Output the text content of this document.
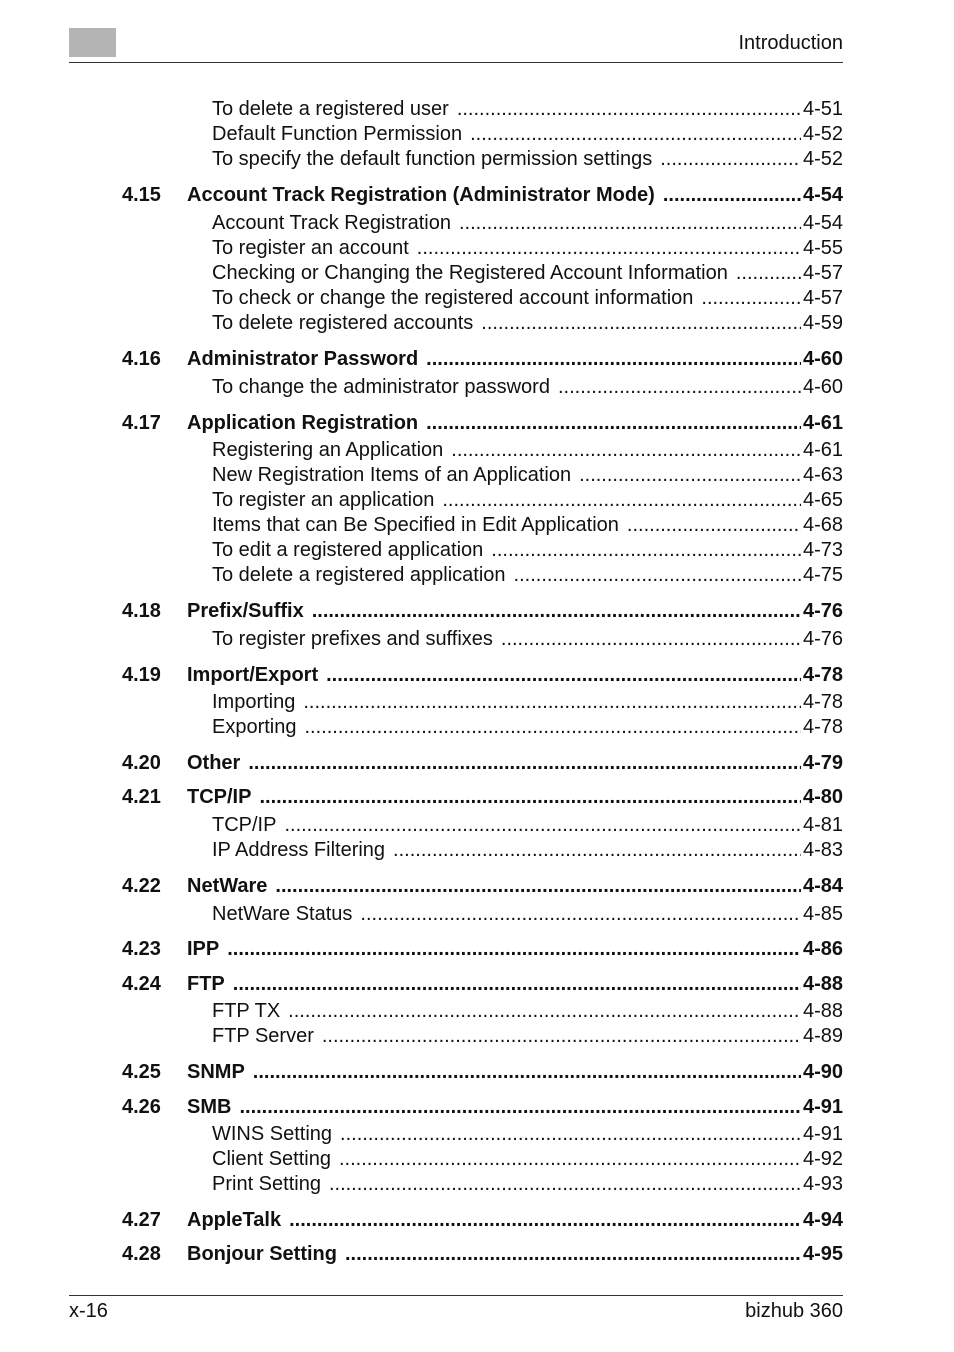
Introduction
To delete a registered user .....	4-51
Default Function Permission .....	4-52
To specify the default function permission settings .....	4-52
4.15 Account Track Registration (Administrator Mode) .....	4-54
Account Track Registration .....	4-54
To register an account .....	4-55
Checking or Changing the Registered Account Information .....	4-57
To check or change the registered account information .....	4-57
To delete registered accounts .....	4-59
4.16 Administrator Password .....	4-60
To change the administrator password .....	4-60
4.17 Application Registration .....	4-61
Registering an Application .....	4-61
New Registration Items of an Application .....	4-63
To register an application .....	4-65
Items that can Be Specified in Edit Application .....	4-68
To edit a registered application .....	4-73
To delete a registered application .....	4-75
4.18 Prefix/Suffix .....	4-76
To register prefixes and suffixes .....	4-76
4.19 Import/Export .....	4-78
Importing .....	4-78
Exporting .....	4-78
4.20 Other .....	4-79
4.21 TCP/IP .....	4-80
TCP/IP .....	4-81
IP Address Filtering .....	4-83
4.22 NetWare .....	4-84
NetWare Status .....	4-85
4.23 IPP .....	4-86
4.24 FTP .....	4-88
FTP TX .....	4-88
FTP Server .....	4-89
4.25 SNMP .....	4-90
4.26 SMB .....	4-91
WINS Setting .....	4-91
Client Setting .....	4-92
Print Setting .....	4-93
4.27 AppleTalk .....	4-94
4.28 Bonjour Setting .....	4-95
x-16	bizhub 360
